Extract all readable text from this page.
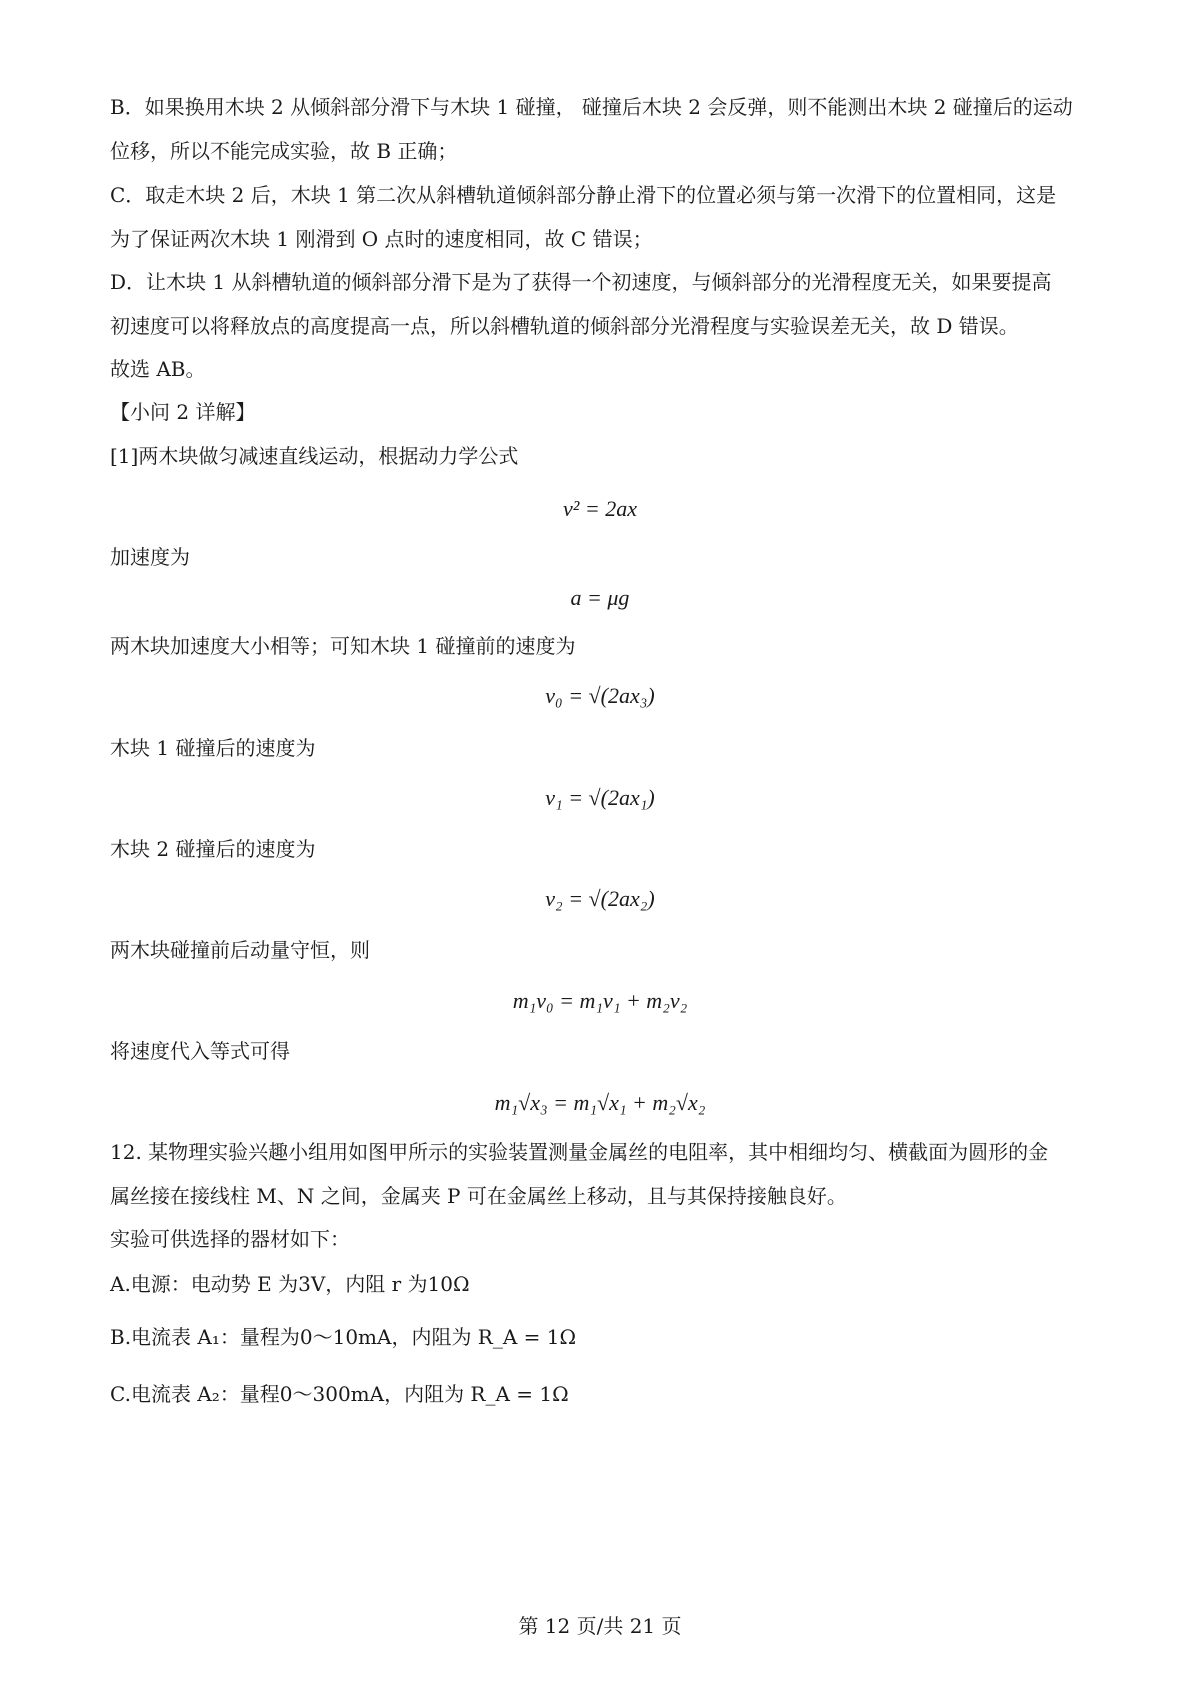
B．如果换用木块 2 从倾斜部分滑下与木块 1 碰撞， 碰撞后木块 2 会反弹，则不能测出木块 2 碰撞后的运动
位移，所以不能完成实验，故 B 正确；
C．取走木块 2 后，木块 1 第二次从斜槽轨道倾斜部分静止滑下的位置必须与第一次滑下的位置相同，这是
为了保证两次木块 1 刚滑到 O 点时的速度相同，故 C 错误；
D．让木块 1 从斜槽轨道的倾斜部分滑下是为了获得一个初速度，与倾斜部分的光滑程度无关，如果要提高
初速度可以将释放点的高度提高一点，所以斜槽轨道的倾斜部分光滑程度与实验误差无关，故 D 错误。
故选 AB。
【小问 2 详解】
[1]两木块做匀减速直线运动，根据动力学公式
v² = 2ax
加速度为
a = μg
两木块加速度大小相等；可知木块 1 碰撞前的速度为
v₀ = √(2ax₃)
木块 1 碰撞后的速度为
v₁ = √(2ax₁)
木块 2 碰撞后的速度为
v₂ = √(2ax₂)
两木块碰撞前后动量守恒，则
m₁v₀ = m₁v₁ + m₂v₂
将速度代入等式可得
m₁√x₃ = m₁√x₁ + m₂√x₂
12. 某物理实验兴趣小组用如图甲所示的实验装置测量金属丝的电阻率，其中相细均匀、横截面为圆形的金
属丝接在接线柱 M、N 之间，金属夹 P 可在金属丝上移动，且与其保持接触良好。
实验可供选择的器材如下：
A.电源：电动势 E 为3V，内阻 r 为10Ω
B.电流表 A₁：量程为0～10mA，内阻为 R_A = 1Ω
C.电流表 A₂：量程0～300mA，内阻为 R_A = 1Ω
第 12 页/共 21 页
